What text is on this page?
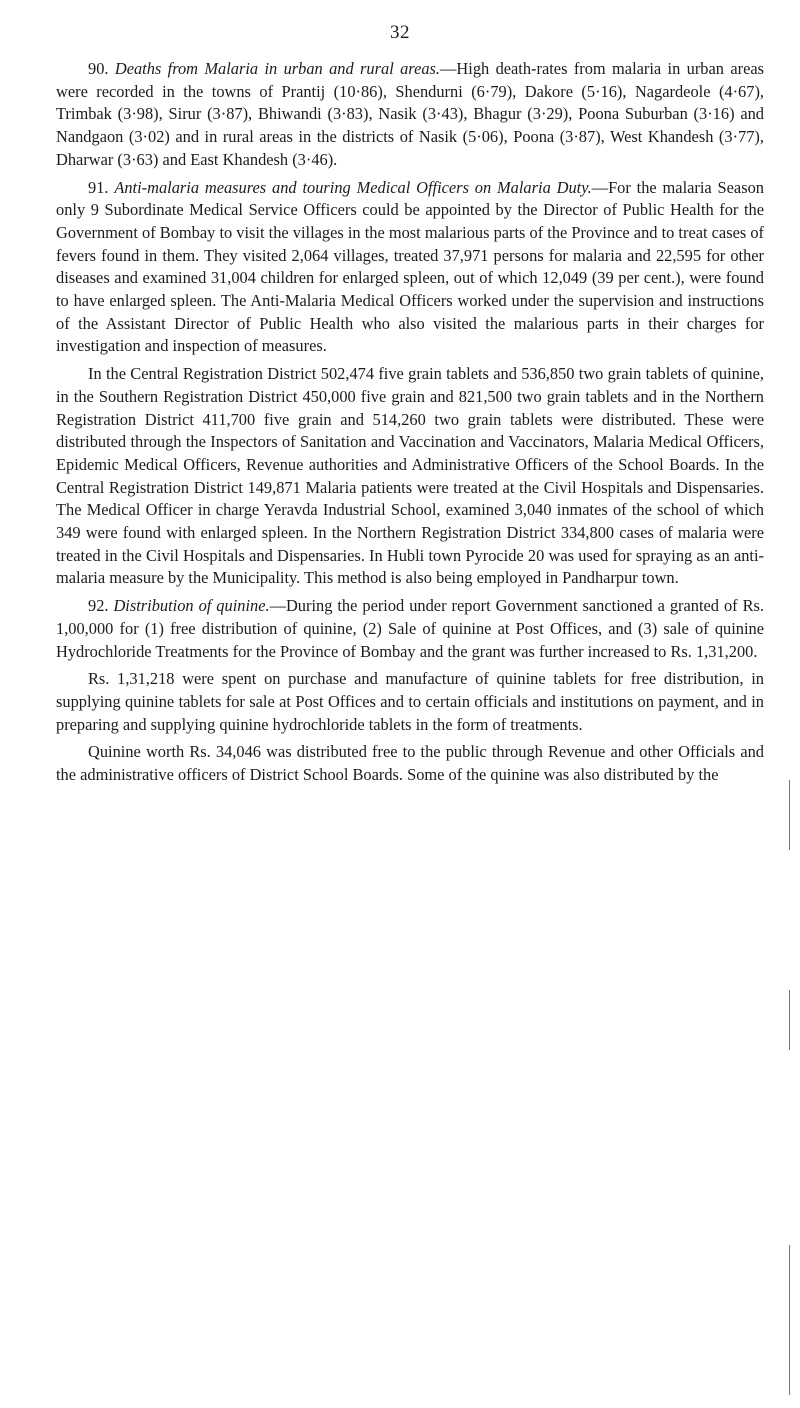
32

90. Deaths from Malaria in urban and rural areas.—High death-rates from malaria in urban areas were recorded in the towns of Prantij (10·86), Shendurni (6·79), Dakore (5·16), Nagardeole (4·67), Trimbak (3·98), Sirur (3·87), Bhiwandi (3·83), Nasik (3·43), Bhagur (3·29), Poona Suburban (3·16) and Nandgaon (3·02) and in rural areas in the districts of Nasik (5·06), Poona (3·87), West Khandesh (3·77), Dharwar (3·63) and East Khandesh (3·46).

91. Anti-malaria measures and touring Medical Officers on Malaria Duty.—For the malaria Season only 9 Subordinate Medical Service Officers could be appointed by the Director of Public Health for the Government of Bombay to visit the villages in the most malarious parts of the Province and to treat cases of fevers found in them. They visited 2,064 villages, treated 37,971 persons for malaria and 22,595 for other diseases and examined 31,004 children for enlarged spleen, out of which 12,049 (39 per cent.), were found to have enlarged spleen. The Anti-Malaria Medical Officers worked under the supervision and instructions of the Assistant Director of Public Health who also visited the malarious parts in their charges for investigation and inspection of measures.

In the Central Registration District 502,474 five grain tablets and 536,850 two grain tablets of quinine, in the Southern Registration District 450,000 five grain and 821,500 two grain tablets and in the Northern Registration District 411,700 five grain and 514,260 two grain tablets were distributed. These were distributed through the Inspectors of Sanitation and Vaccination and Vaccinators, Malaria Medical Officers, Epidemic Medical Officers, Revenue authorities and Administrative Officers of the School Boards. In the Central Registration District 149,871 Malaria patients were treated at the Civil Hospitals and Dispensaries. The Medical Officer in charge Yeravda Industrial School, examined 3,040 inmates of the school of which 349 were found with enlarged spleen. In the Northern Registration District 334,800 cases of malaria were treated in the Civil Hospitals and Dispensaries. In Hubli town Pyrocide 20 was used for spraying as an anti-malaria measure by the Municipality. This method is also being employed in Pandharpur town.

92. Distribution of quinine.—During the period under report Government sanctioned a granted of Rs. 1,00,000 for (1) free distribution of quinine, (2) Sale of quinine at Post Offices, and (3) sale of quinine Hydrochloride Treatments for the Province of Bombay and the grant was further increased to Rs. 1,31,200.

Rs. 1,31,218 were spent on purchase and manufacture of quinine tablets for free distribution, in supplying quinine tablets for sale at Post Offices and to certain officials and institutions on payment, and in preparing and supplying quinine hydrochloride tablets in the form of treatments.

Quinine worth Rs. 34,046 was distributed free to the public through Revenue and other Officials and the administrative officers of District School Boards. Some of the quinine was also distributed by the
